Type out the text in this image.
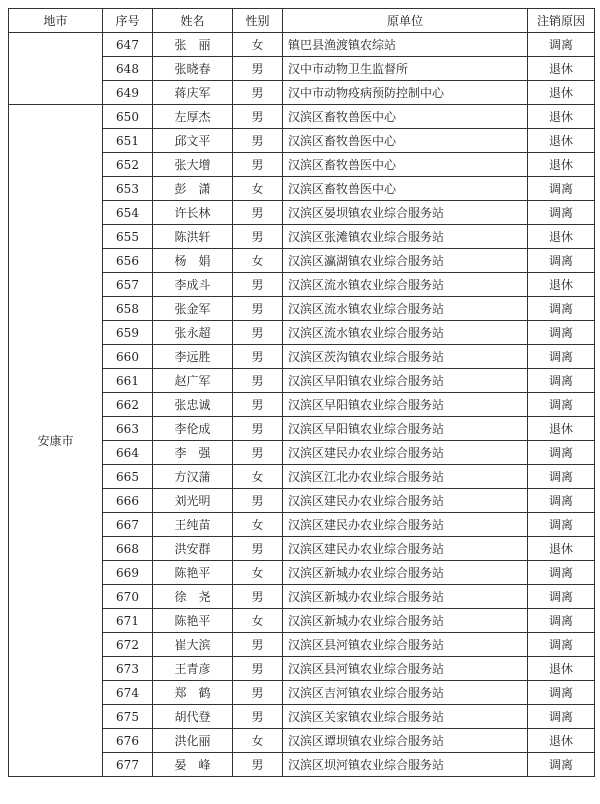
地市	序号	姓名	性别	原单位	注销原因
	647	张　丽	女	镇巴县渔渡镇农综站	调离
	648	张晓春	男	汉中市动物卫生监督所	退休
	649	蒋庆军	男	汉中市动物疫病预防控制中心	退休
安康市	650	左厚杰	男	汉滨区畜牧兽医中心	退休
	651	邱文平	男	汉滨区畜牧兽医中心	退休
	652	张大增	男	汉滨区畜牧兽医中心	退休
	653	彭　潇	女	汉滨区畜牧兽医中心	调离
	654	许长林	男	汉滨区晏坝镇农业综合服务站	调离
	655	陈洪轩	男	汉滨区张滩镇农业综合服务站	退休
	656	杨　娟	女	汉滨区瀛湖镇农业综合服务站	调离
	657	李成斗	男	汉滨区流水镇农业综合服务站	退休
	658	张金军	男	汉滨区流水镇农业综合服务站	调离
	659	张永超	男	汉滨区流水镇农业综合服务站	调离
	660	李远胜	男	汉滨区茨沟镇农业综合服务站	调离
	661	赵广军	男	汉滨区早阳镇农业综合服务站	调离
	662	张忠诚	男	汉滨区早阳镇农业综合服务站	调离
	663	李伦成	男	汉滨区早阳镇农业综合服务站	退休
	664	李　强	男	汉滨区建民办农业综合服务站	调离
	665	方汉蒲	女	汉滨区江北办农业综合服务站	调离
	666	刘光明	男	汉滨区建民办农业综合服务站	调离
	667	王纯苗	女	汉滨区建民办农业综合服务站	调离
	668	洪安群	男	汉滨区建民办农业综合服务站	退休
	669	陈艳平	女	汉滨区新城办农业综合服务站	调离
	670	徐　尧	男	汉滨区新城办农业综合服务站	调离
	671	陈艳平	女	汉滨区新城办农业综合服务站	调离
	672	崔大滨	男	汉滨区县河镇农业综合服务站	调离
	673	王青彦	男	汉滨区县河镇农业综合服务站	退休
	674	郑　鹤	男	汉滨区吉河镇农业综合服务站	调离
	675	胡代登	男	汉滨区关家镇农业综合服务站	调离
	676	洪化丽	女	汉滨区谭坝镇农业综合服务站	退休
	677	晏　峰	男	汉滨区坝河镇农业综合服务站	调离
